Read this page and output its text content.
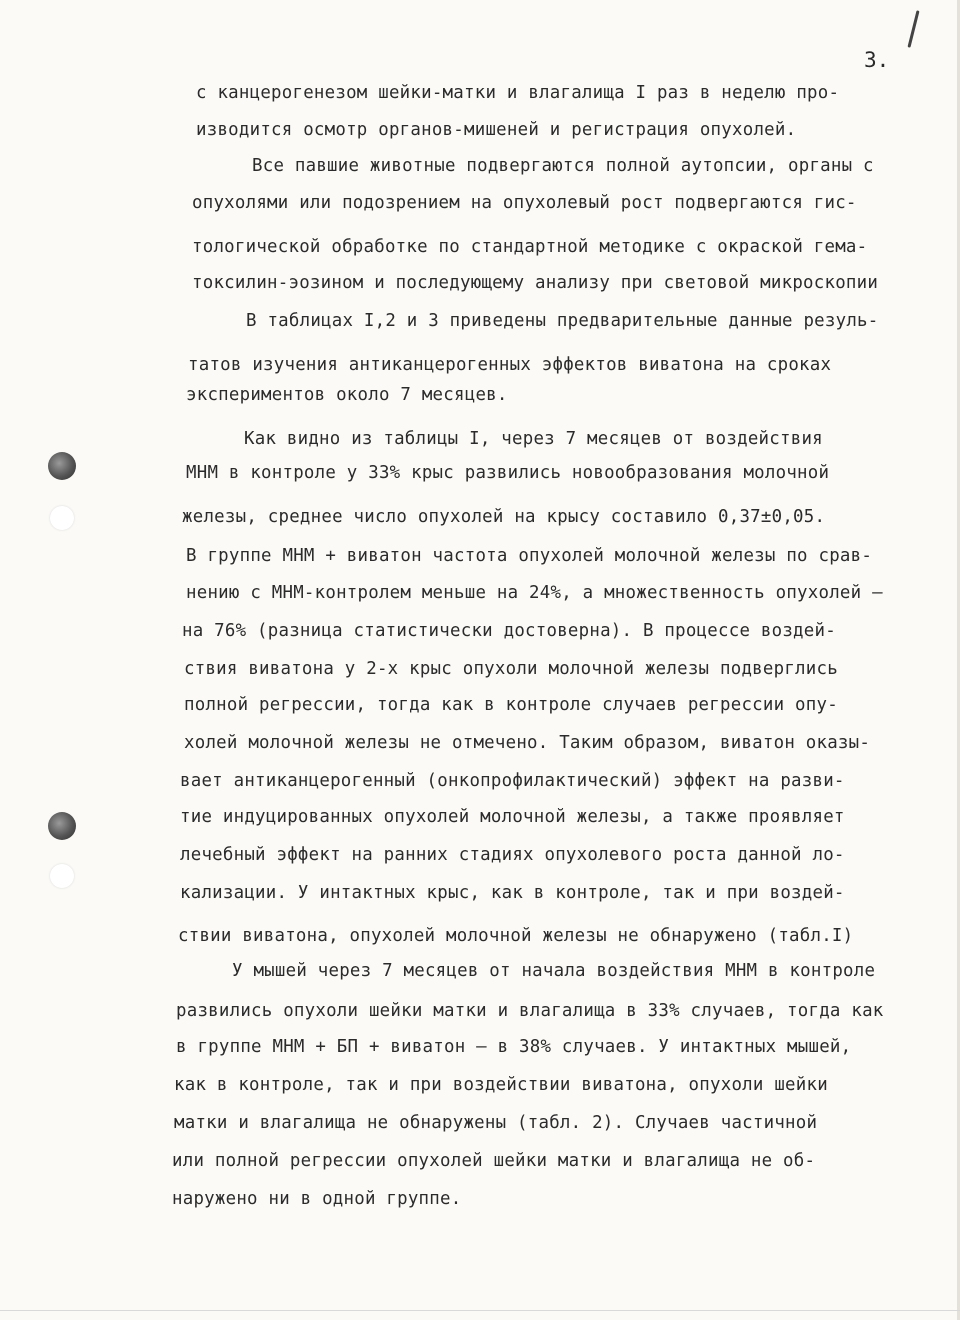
3.
с канцерогенезом шейки-матки и влагалища I раз в неделю про-
изводится осмотр органов-мишеней и регистрация опухолей.
Все павшие животные подвергаются полной аутопсии, органы с
опухолями или подозрением на опухолевый рост подвергаются гис-
тологической обработке по стандартной методике с окраской гема-
токсилин-эозином и последующему анализу при световой микроскопии
В таблицах I,2 и 3 приведены предварительные данные резуль-
татов изучения антиканцерогенных эффектов виватона на сроках
экспериментов около 7 месяцев.
Как видно из таблицы I, через 7 месяцев от воздействия
МНМ в контроле у 33% крыс развились новообразования молочной
железы, среднее число опухолей на крысу составило 0,37±0,05.
В группе МНМ + виватон частота опухолей молочной железы по срав-
нению с МНМ-контролем меньше на 24%, а множественность опухолей –
на 76% (разница статистически достоверна). В процессе воздей-
ствия виватона у 2-х крыс опухоли молочной железы подверглись
полной регрессии, тогда как в контроле случаев регрессии опу-
холей молочной железы не отмечено. Таким образом, виватон оказы-
вает антиканцерогенный (онкопрофилактический) эффект на разви-
тие индуцированных опухолей молочной железы, а также проявляет
лечебный эффект на ранних стадиях опухолевого роста данной ло-
кализации. У интактных крыс, как в контроле, так и при воздей-
ствии виватона, опухолей молочной железы не обнаружено (табл.I)
У мышей через 7 месяцев от начала воздействия МНМ в контроле
развились опухоли шейки матки и влагалища в 33% случаев, тогда как
в группе МНМ + БП + виватон – в 38% случаев. У интактных мышей,
как в контроле, так и при воздействии виватона, опухоли шейки
матки и влагалища не обнаружены (табл. 2). Случаев частичной
или полной регрессии опухолей шейки матки и влагалища не об-
наружено ни в одной группе.
